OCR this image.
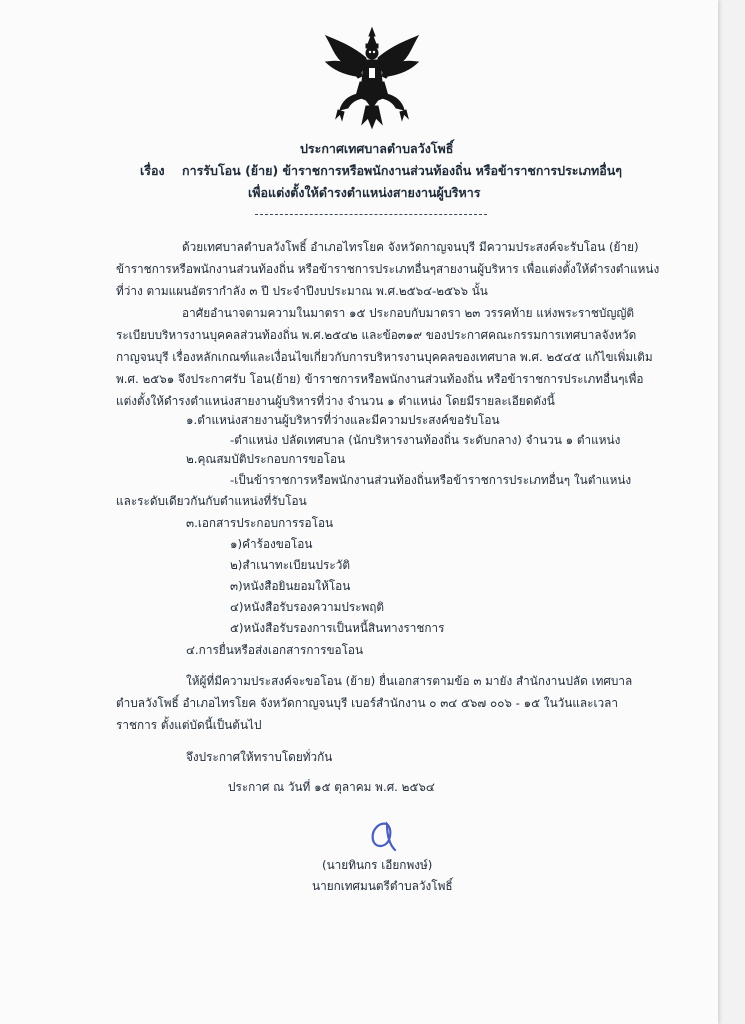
ประกาศเทศบาลตำบลวังโพธิ์
เรื่อง การรับโอน (ย้าย) ข้าราชการหรือพนักงานส่วนท้องถิ่น หรือข้าราชการประเภทอื่นๆ
เพื่อแต่งตั้งให้ดำรงตำแหน่งสายงานผู้บริหาร
ด้วยเทศบาลตำบลวังโพธิ์ อำเภอไทรโยค จังหวัดกาญจนบุรี มีความประสงค์จะรับโอน (ย้าย)
ข้าราชการหรือพนักงานส่วนท้องถิ่น หรือข้าราชการประเภทอื่นๆสายงานผู้บริหาร เพื่อแต่งตั้งให้ดำรงตำแหน่ง
ที่ว่าง ตามแผนอัตรากำลัง ๓ ปี ประจำปีงบประมาณ พ.ศ.๒๕๖๔-๒๕๖๖ นั้น
อาศัยอำนาจตามความในมาตรา ๑๕ ประกอบกับมาตรา ๒๓ วรรคท้าย แห่งพระราชบัญญัติ
ระเบียบบริหารงานบุคคลส่วนท้องถิ่น พ.ศ.๒๕๔๒ และข้อ๓๑๙ ของประกาศคณะกรรมการเทศบาลจังหวัด
กาญจนบุรี เรื่องหลักเกณฑ์และเงื่อนไขเกี่ยวกับการบริหารงานบุคคลของเทศบาล พ.ศ. ๒๕๔๕ แก้ไขเพิ่มเติม
พ.ศ. ๒๕๖๑ จึงประกาศรับ โอน(ย้าย) ข้าราชการหรือพนักงานส่วนท้องถิ่น หรือข้าราชการประเภทอื่นๆเพื่อ
แต่งตั้งให้ดำรงตำแหน่งสายงานผู้บริหารที่ว่าง จำนวน ๑ ตำแหน่ง โดยมีรายละเอียดดังนี้
๑.ตำแหน่งสายงานผู้บริหารที่ว่างและมีความประสงค์ขอรับโอน
-ตำแหน่ง ปลัดเทศบาล (นักบริหารงานท้องถิ่น ระดับกลาง) จำนวน ๑ ตำแหน่ง
๒.คุณสมบัติประกอบการขอโอน
-เป็นข้าราชการหรือพนักงานส่วนท้องถิ่นหรือข้าราชการประเภทอื่นๆ ในตำแหน่ง
และระดับเดียวกันกับตำแหน่งที่รับโอน
๓.เอกสารประกอบการรอโอน
๑)คำร้องขอโอน
๒)สำเนาทะเบียนประวัติ
๓)หนังสือยินยอมให้โอน
๔)หนังสือรับรองความประพฤติ
๕)หนังสือรับรองการเป็นหนี้สินทางราชการ
๔.การยื่นหรือส่งเอกสารการขอโอน
ให้ผู้ที่มีความประสงค์จะขอโอน (ย้าย) ยื่นเอกสารตามข้อ ๓ มายัง สำนักงานปลัด เทศบาล
ตำบลวังโพธิ์ อำเภอไทรโยค จังหวัดกาญจนบุรี เบอร์สำนักงาน ๐ ๓๔ ๕๖๗ ๐๐๖ - ๑๕ ในวันและเวลา
ราชการ ตั้งแต่บัดนี้เป็นต้นไป
จึงประกาศให้ทราบโดยทั่วกัน
ประกาศ ณ วันที่ ๑๕ ตุลาคม พ.ศ. ๒๕๖๔
(นายทินกร เอียกพงษ์)
นายกเทศมนตรีตำบลวังโพธิ์
